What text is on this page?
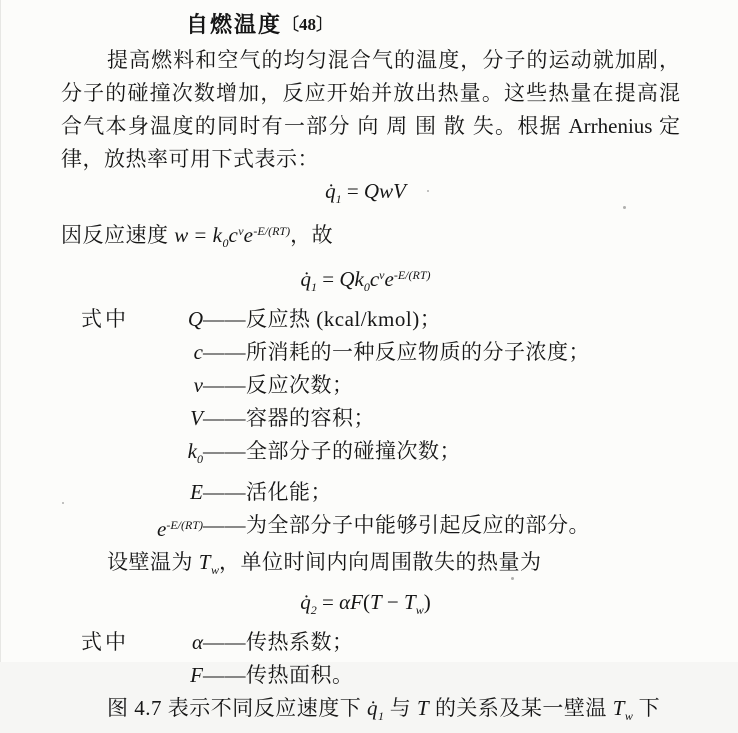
自燃温度〔48〕
提高燃料和空气的均匀混合气的温度，分子的运动就加剧，
分子的碰撞次数增加，反应开始并放出热量。这些热量在提高混
合气本身温度的同时有一部分 向 周 围 散 失。根据 Arrhenius 定
律，放热率可用下式表示：
$q̇_1$ = QwV
因反应速度 $w = k_0c^\nu e^{-E/(RT)}$，故
$q̇_1 = Qk_0c^\nu e^{-E/(RT)}$
式中	Q ——反应热 (kcal/kmol)；
c ——所消耗的一种反应物质的分子浓度；
ν ——反应次数；
V ——容器的容积；
$k_0$ ——全部分子的碰撞次数；
E ——活化能；
$e^{-E/(RT)}$ ——为全部分子中能够引起反应的部分。
设壁温为 $T_w$，单位时间内向周围散失的热量为
$q̇_2 = \alpha F(T - T_w)$
式中	α ——传热系数；
F ——传热面积。
图 4.7 表示不同反应速度下 $q̇_1$ 与 T 的关系及某一壁温 $T_w$ 下
